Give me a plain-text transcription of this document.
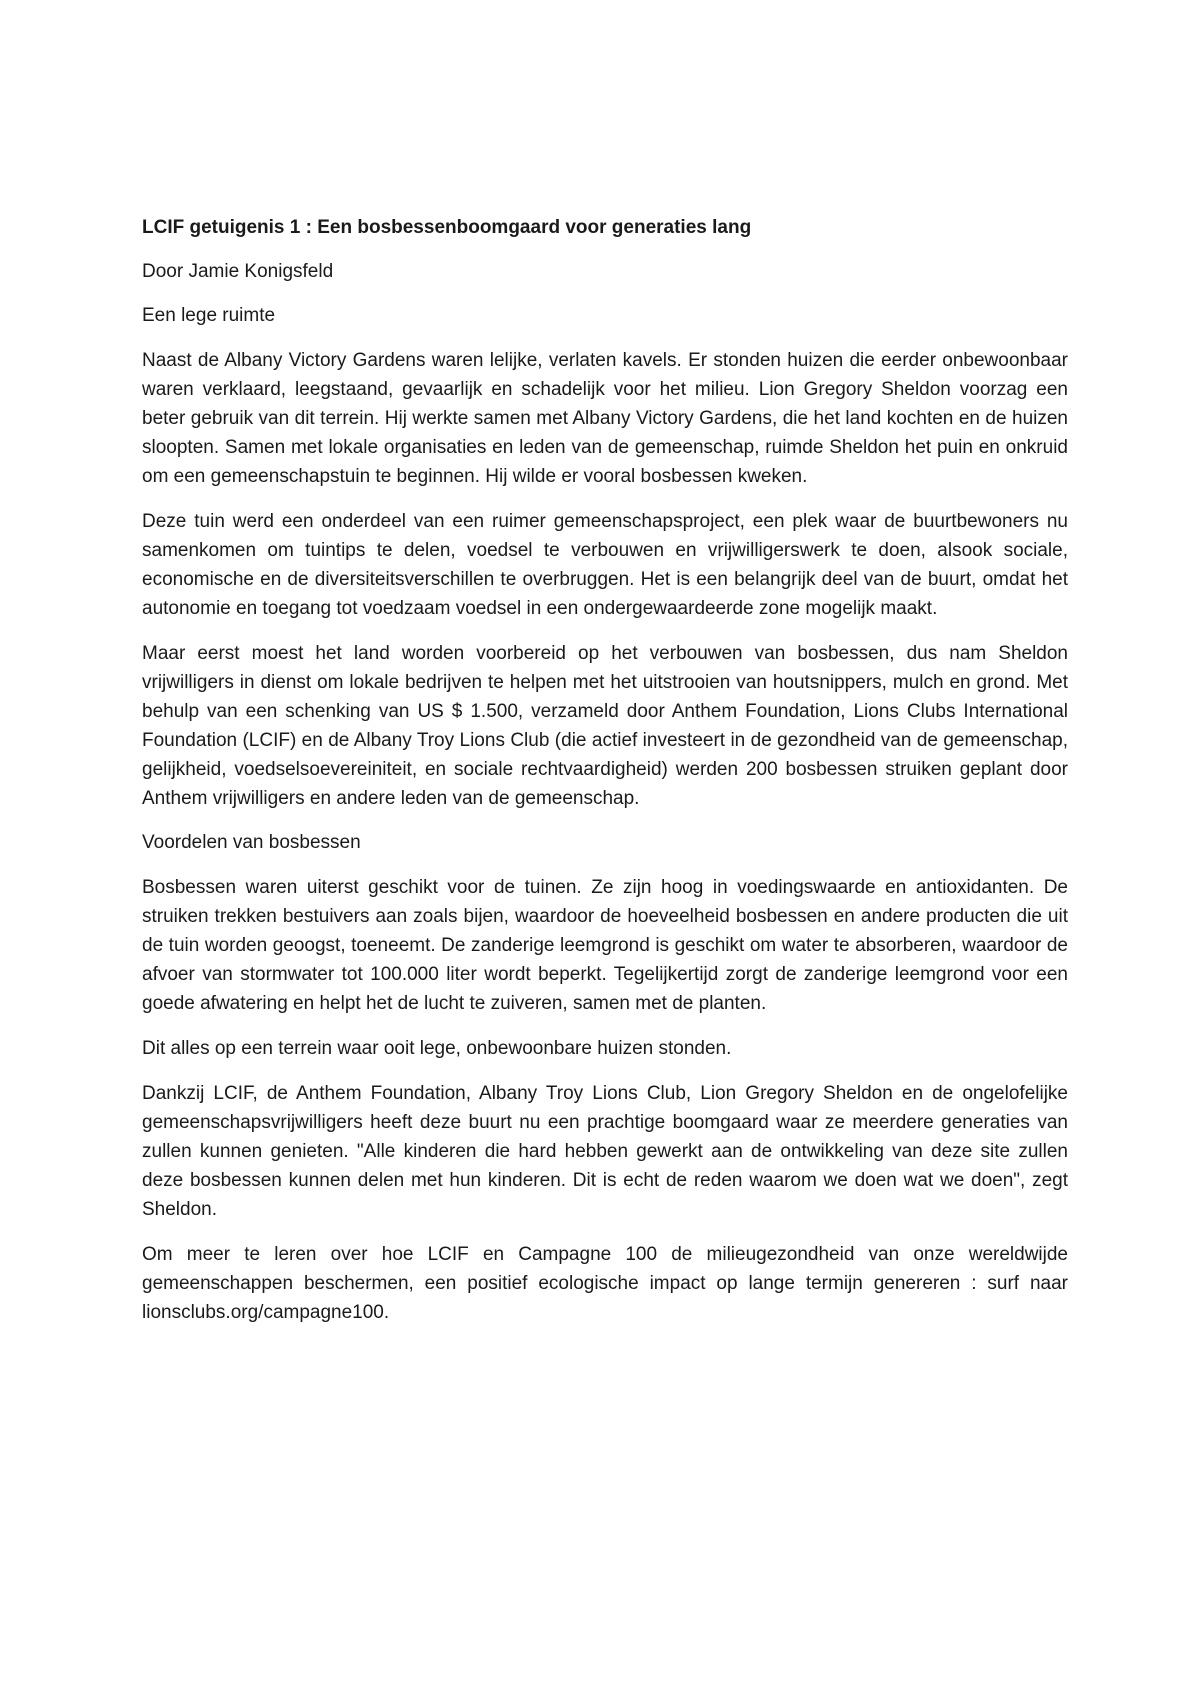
LCIF getuigenis 1 : Een bosbessenboomgaard voor generaties lang

Door Jamie Konigsfeld

Een lege ruimte

Naast de Albany Victory Gardens waren lelijke, verlaten kavels. Er stonden huizen die eerder onbewoonbaar waren verklaard, leegstaand, gevaarlijk en schadelijk voor het milieu. Lion Gregory Sheldon voorzag een beter gebruik van dit terrein. Hij werkte samen met Albany Victory Gardens, die het land kochten en de huizen sloopten. Samen met lokale organisaties en leden van de gemeenschap, ruimde Sheldon het puin en onkruid om een gemeenschapstuin te beginnen. Hij wilde er vooral bosbessen kweken.

Deze tuin werd een onderdeel van een ruimer gemeenschapsproject, een plek waar de buurtbewoners nu samenkomen om tuintips te delen, voedsel te verbouwen en vrijwilligerswerk te doen, alsook sociale, economische en de diversiteitsverschillen te overbruggen. Het is een belangrijk deel van de buurt, omdat het autonomie en toegang tot voedzaam voedsel in een ondergewaardeerde zone mogelijk maakt.

Maar eerst moest het land worden voorbereid op het verbouwen van bosbessen, dus nam Sheldon vrijwilligers in dienst om lokale bedrijven te helpen met het uitstrooien van houtsnippers, mulch en grond. Met behulp van een schenking van US $ 1.500, verzameld door Anthem Foundation, Lions Clubs International Foundation (LCIF) en de Albany Troy Lions Club (die actief investeert in de gezondheid van de gemeenschap, gelijkheid, voedselsoevereiniteit, en sociale rechtvaardigheid) werden 200 bosbessen struiken geplant door Anthem vrijwilligers en andere leden van de gemeenschap.

Voordelen van bosbessen

Bosbessen waren uiterst geschikt voor de tuinen. Ze zijn hoog in voedingswaarde en antioxidanten. De struiken trekken bestuivers aan zoals bijen, waardoor de hoeveelheid bosbessen en andere producten die uit de tuin worden geoogst, toeneemt. De zanderige leemgrond is geschikt om water te absorberen, waardoor de afvoer van stormwater tot 100.000 liter wordt beperkt. Tegelijkertijd zorgt de zanderige leemgrond voor een goede afwatering en helpt het de lucht te zuiveren, samen met de planten.

Dit alles op een terrein waar ooit lege, onbewoonbare huizen stonden.

Dankzij LCIF, de Anthem Foundation, Albany Troy Lions Club, Lion Gregory Sheldon en de ongelofelijke gemeenschapsvrijwilligers heeft deze buurt nu een prachtige boomgaard waar ze meerdere generaties van zullen kunnen genieten. "Alle kinderen die hard hebben gewerkt aan de ontwikkeling van deze site zullen deze bosbessen kunnen delen met hun kinderen. Dit is echt de reden waarom we doen wat we doen", zegt Sheldon.

Om meer te leren over hoe LCIF en Campagne 100 de milieugezondheid van onze wereldwijde gemeenschappen beschermen, een positief ecologische impact op lange termijn genereren : surf naar lionsclubs.org/campagne100.
